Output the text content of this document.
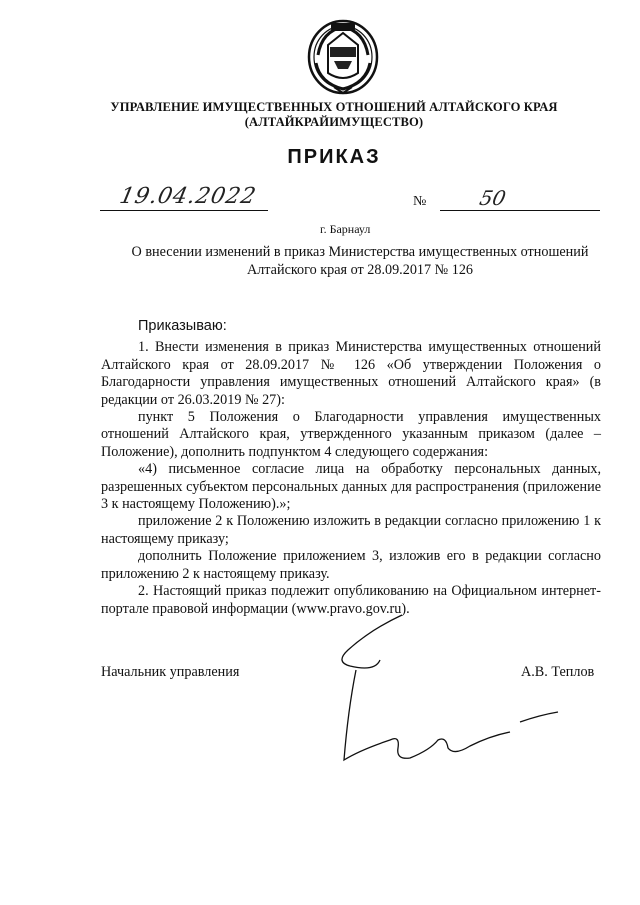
УПРАВЛЕНИЕ ИМУЩЕСТВЕННЫХ ОТНОШЕНИЙ АЛТАЙСКОГО КРАЯ
(АЛТАЙКРАЙИМУЩЕСТВО)
ПРИКАЗ
19.04.2022	№	50
г. Барнаул
О внесении изменений в приказ Министерства имущественных отношений
Алтайского края от 28.09.2017 № 126

Приказываю:

1. Внести изменения в приказ Министерства имущественных отношений Алтайского края от 28.09.2017 № 126 «Об утверждении Положения о Благодарности управления имущественных отношений Алтайского края» (в редакции от 26.03.2019 № 27):

пункт 5 Положения о Благодарности управления имущественных отношений Алтайского края, утвержденного указанным приказом (далее – Положение), дополнить подпунктом 4 следующего содержания:

«4) письменное согласие лица на обработку персональных данных, разрешенных субъектом персональных данных для распространения (приложение 3 к настоящему Положению).»;

приложение 2 к Положению изложить в редакции согласно приложению 1 к настоящему приказу;

дополнить Положение приложением 3, изложив его в редакции согласно приложению 2 к настоящему приказу.

2. Настоящий приказ подлежит опубликованию на Официальном интернет-портале правовой информации (www.pravo.gov.ru).

Начальник управления	А.В. Теплов
